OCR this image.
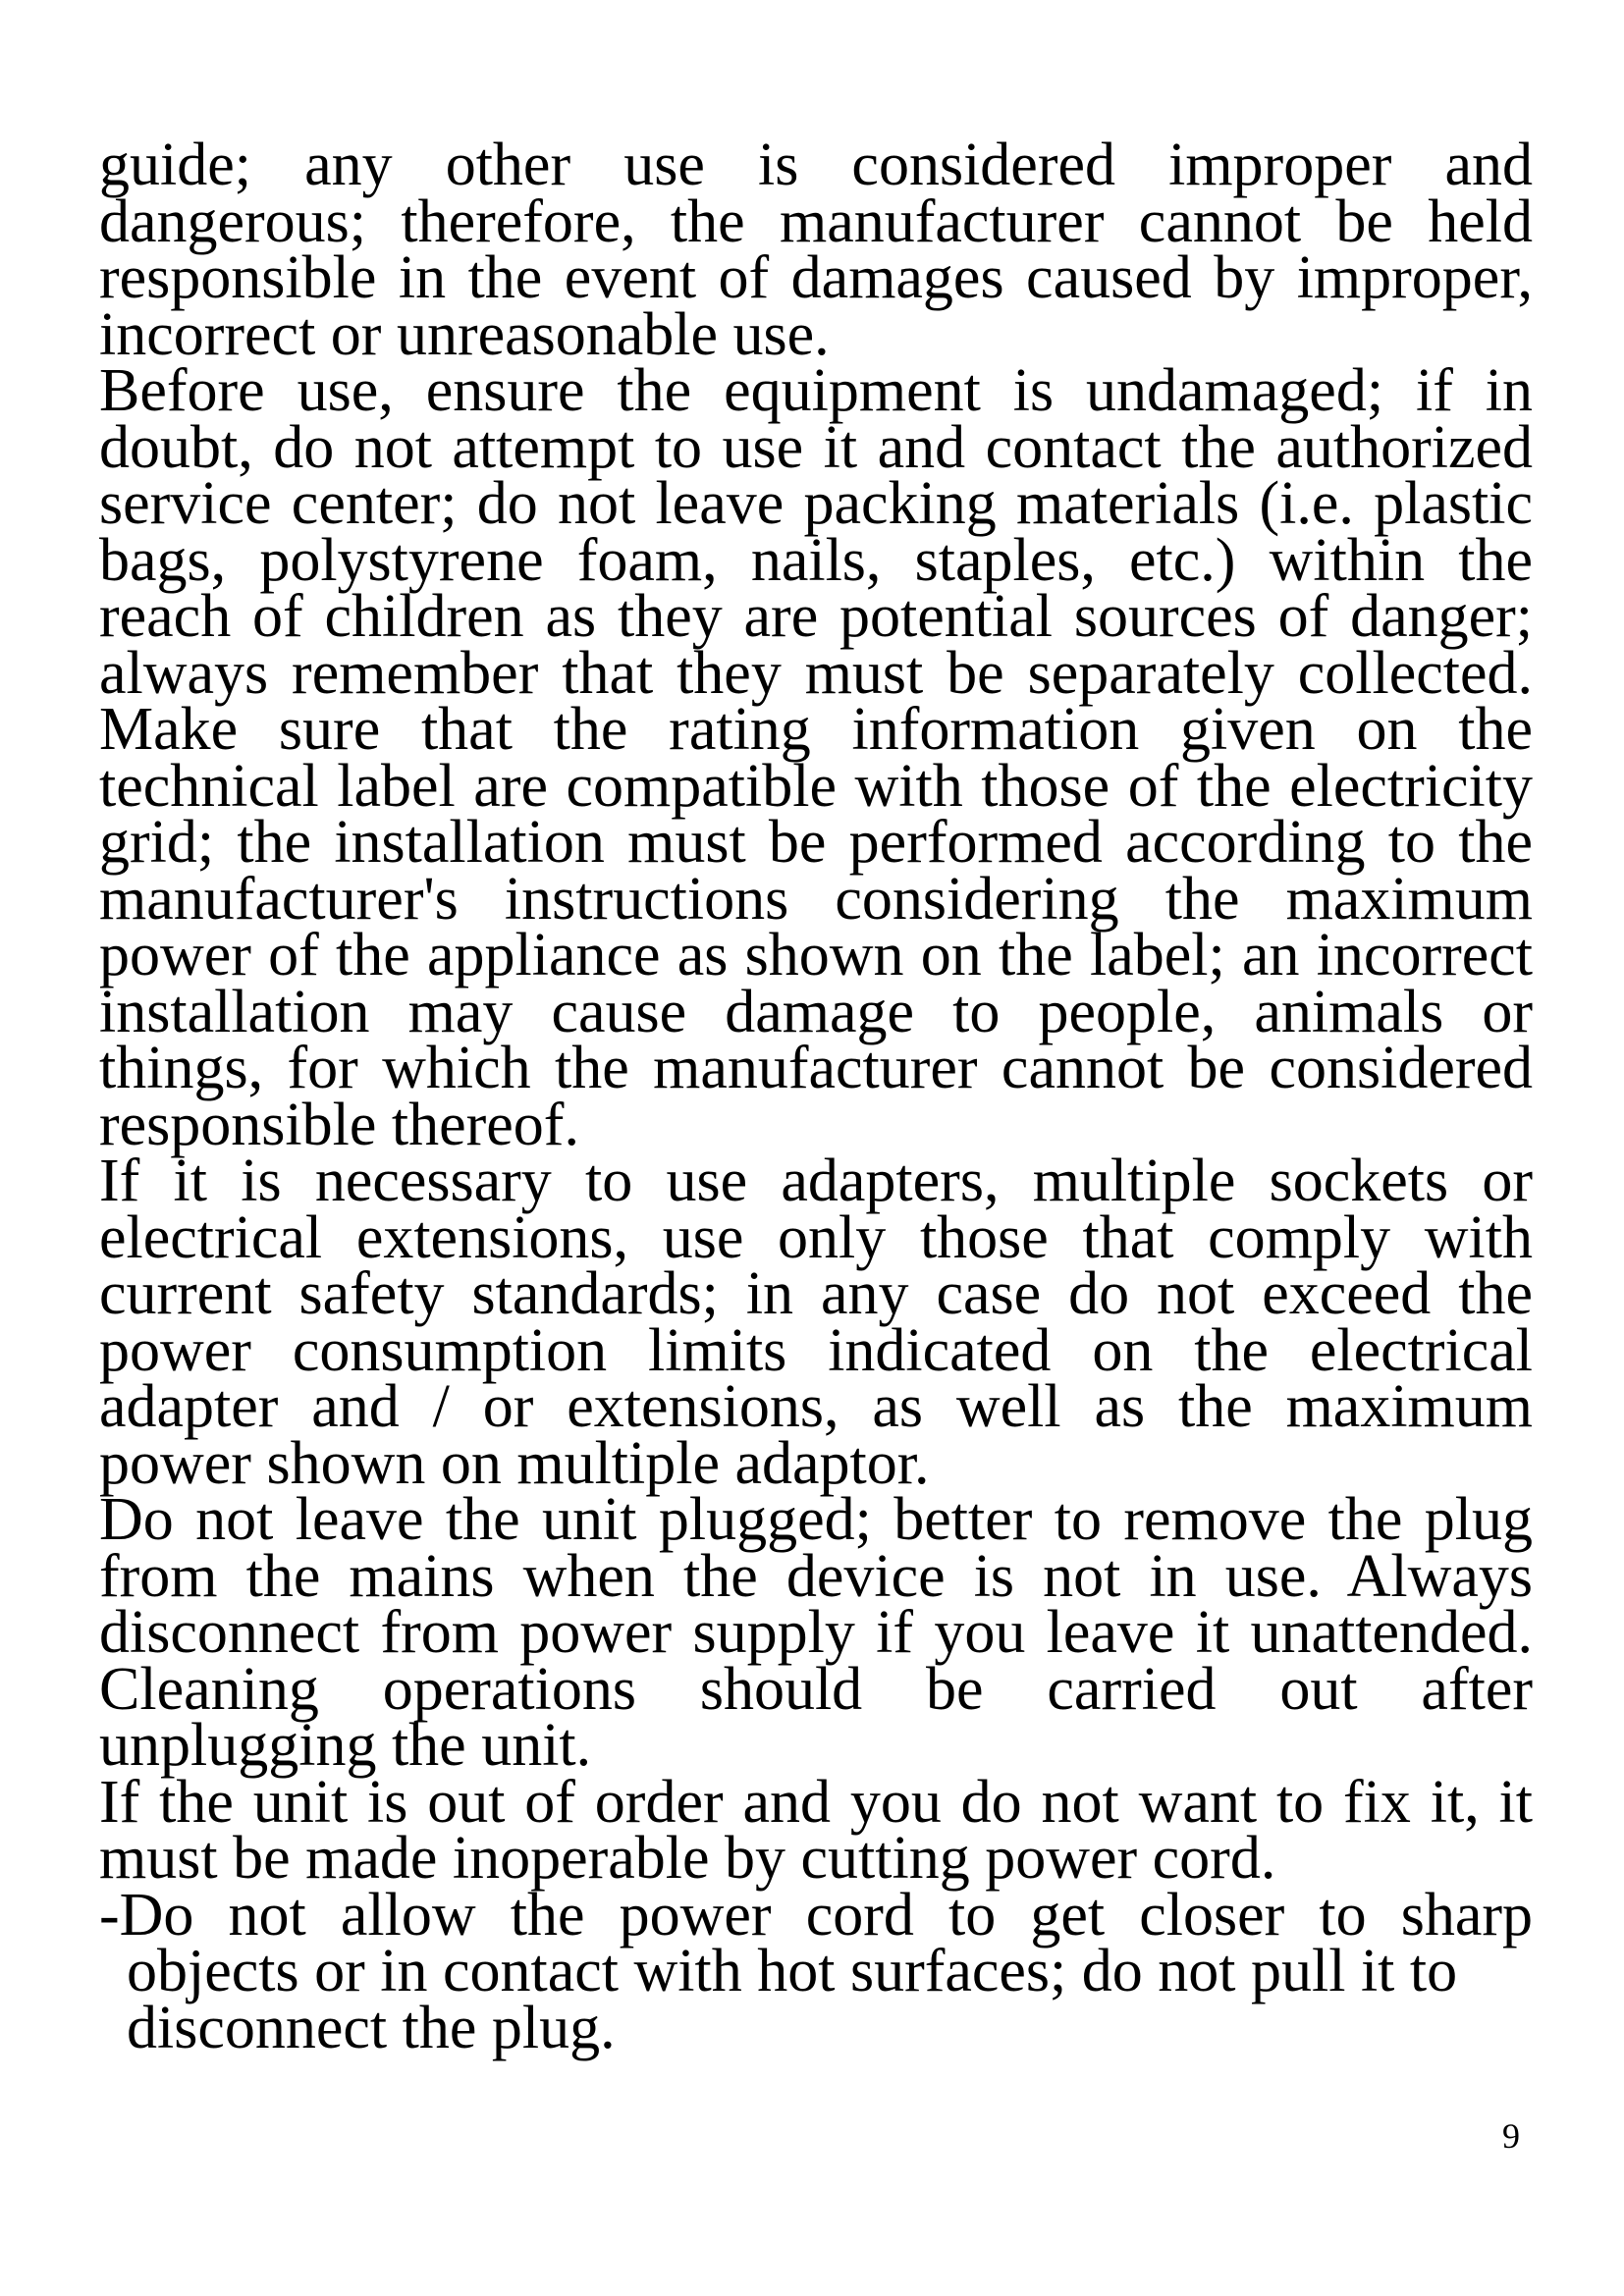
guide; any other use is considered improper and
dangerous; therefore, the manufacturer cannot be held
responsible in the event of damages caused by improper,
incorrect or unreasonable use.
Before use, ensure the equipment is undamaged; if in
doubt, do not attempt to use it and contact the authorized
service center; do not leave packing materials (i.e. plastic
bags, polystyrene foam, nails, staples, etc.) within the
reach of children as they are potential sources of danger;
always remember that they must be separately collected.
Make sure that the rating information given on the
technical label are compatible with those of the electricity
grid; the installation must be performed according to the
manufacturer's instructions considering the maximum
power of the appliance as shown on the label; an incorrect
installation may cause damage to people, animals or
things, for which the manufacturer cannot be considered
responsible thereof.
If it is necessary to use adapters, multiple sockets or
electrical extensions, use only those that comply with
current safety standards; in any case do not exceed the
power consumption limits indicated on the electrical
adapter and / or extensions, as well as the maximum
power shown on multiple adaptor.
Do not leave the unit plugged; better to remove the plug
from the mains when the device is not in use. Always
disconnect from power supply if you leave it unattended.
Cleaning operations should be carried out after
unplugging the unit.
If the unit is out of order and you do not want to fix it, it
must be made inoperable by cutting power cord.
-Do not allow the power cord to get closer to sharp
objects or in contact with hot surfaces; do not pull it to
disconnect the plug.
9
